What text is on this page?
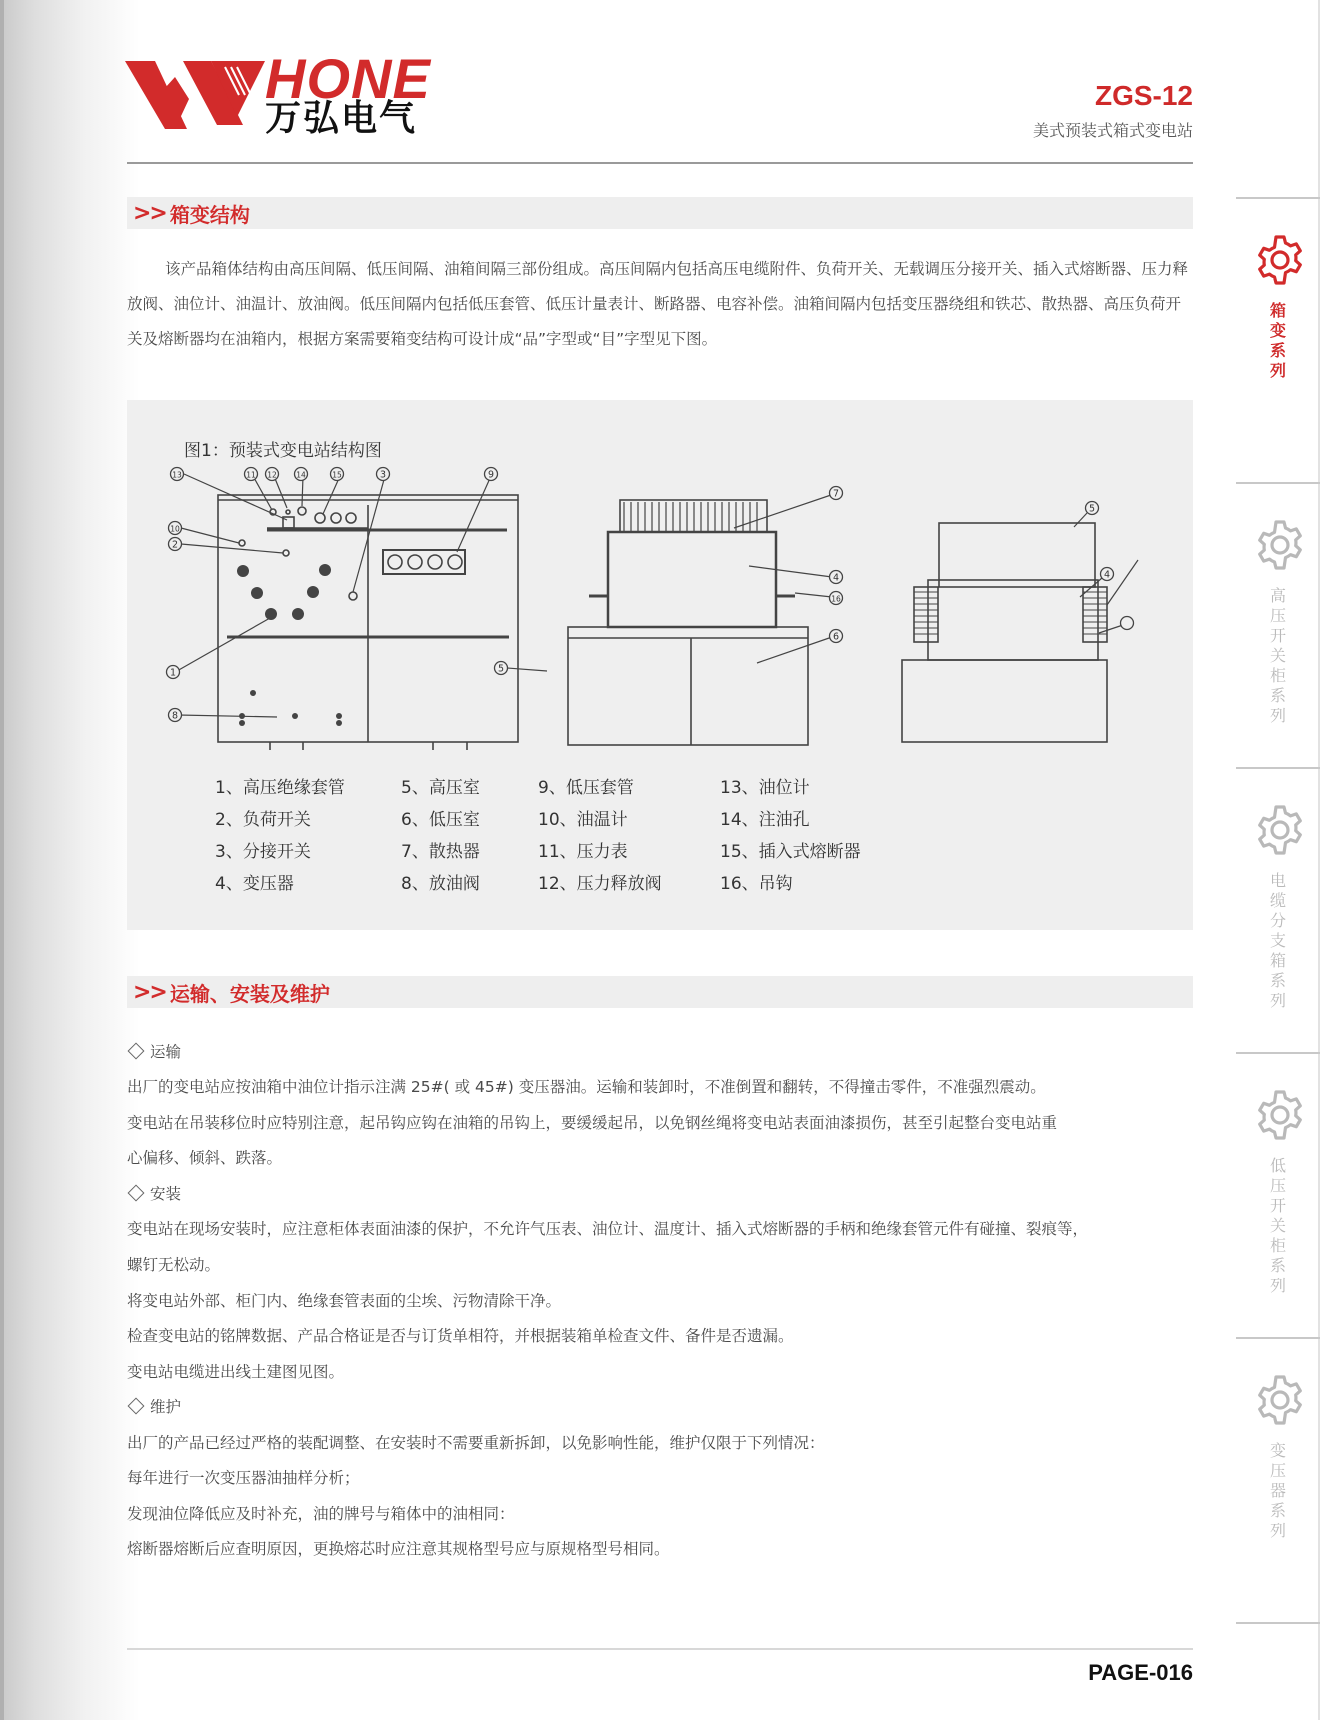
HONE
万弘电气
ZGS-12
美式预装式箱式变电站
>> 箱变结构

该产品箱体结构由高压间隔、低压间隔、油箱间隔三部份组成。高压间隔内包括高压电缆附件、负荷开关、无载调压分接开关、插入式熔断器、压力释放阀、油位计、油温计、放油阀。低压间隔内包括低压套管、低压计量表计、断路器、电容补偿。油箱间隔内包括变压器绕组和铁芯、散热器、高压负荷开关及熔断器均在油箱内，根据方案需要箱变结构可设计成“品”字型或“目”字型见下图。

图1：预装式变电站结构图
1
2
3
4
5
6
7
8
9
10
11 12
13	14	15
16
5
4
1、高压绝缘套管
2、负荷开关
3、分接开关
4、变压器
5、高压室
6、低压室
7、散热器
8、放油阀
9、低压套管
10、油温计
11、压力表
12、压力释放阀
13、油位计
14、注油孔
15、插入式熔断器
16、吊钩
>> 运输、安装及维护
运输
出厂的变电站应按油箱中油位计指示注满 25#( 或 45#) 变压器油。运输和装卸时，不准倒置和翻转，不得撞击零件，不准强烈震动。
变电站在吊装移位时应特别注意，起吊钩应钩在油箱的吊钩上，要缓缓起吊，以免钢丝绳将变电站表面油漆损伤，甚至引起整台变电站重
心偏移、倾斜、跌落。
安装
变电站在现场安装时，应注意柜体表面油漆的保护，不允许气压表、油位计、温度计、插入式熔断器的手柄和绝缘套管元件有碰撞、裂痕等，
螺钉无松动。
将变电站外部、柜门内、绝缘套管表面的尘埃、污物清除干净。
检查变电站的铭牌数据、产品合格证是否与订货单相符，并根据装箱单检查文件、备件是否遗漏。
变电站电缆进出线土建图见图。
维护
出厂的产品已经过严格的装配调整、在安装时不需要重新拆卸，以免影响性能，维护仅限于下列情况：
每年进行一次变压器油抽样分析；
发现油位降低应及时补充，油的牌号与箱体中的油相同：
熔断器熔断后应查明原因，更换熔芯时应注意其规格型号应与原规格型号相同。
PAGE-016
箱
变
系
列
高
压
开
关
柜
系
列
电
缆
分
支
箱
系
列
低
压
开
关
柜
系
列
变
压
器
系
列
